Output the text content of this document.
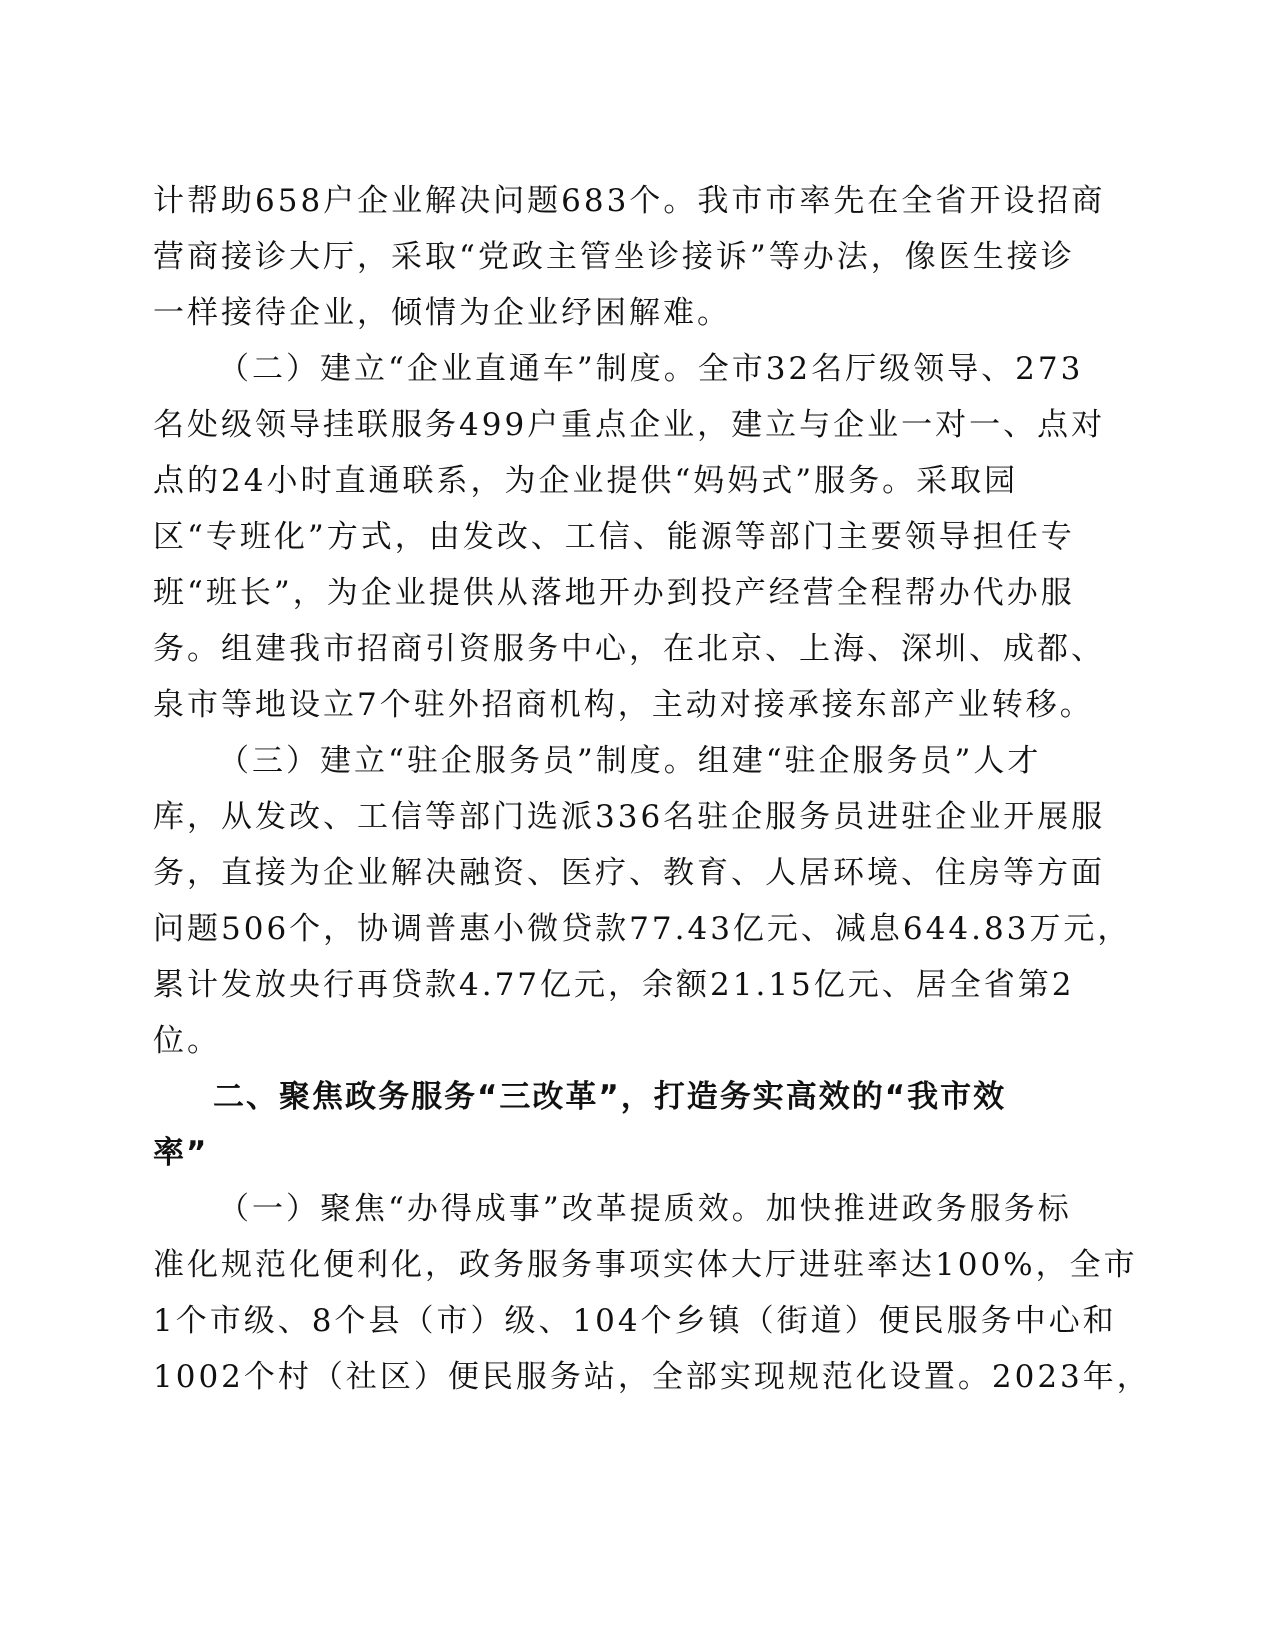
计帮助658户企业解决问题683个。我市市率先在全省开设招商
营商接诊大厅，采取“党政主管坐诊接诉”等办法，像医生接诊
一样接待企业，倾情为企业纾困解难。
（二）建立“企业直通车”制度。全市32名厅级领导、273
名处级领导挂联服务499户重点企业，建立与企业一对一、点对
点的24小时直通联系，为企业提供“妈妈式”服务。采取园
区“专班化”方式，由发改、工信、能源等部门主要领导担任专
班“班长”，为企业提供从落地开办到投产经营全程帮办代办服
务。组建我市招商引资服务中心，在北京、上海、深圳、成都、
泉市等地设立7个驻外招商机构，主动对接承接东部产业转移。
（三）建立“驻企服务员”制度。组建“驻企服务员”人才
库，从发改、工信等部门选派336名驻企服务员进驻企业开展服
务，直接为企业解决融资、医疗、教育、人居环境、住房等方面
问题506个，协调普惠小微贷款77.43亿元、减息644.83万元，
累计发放央行再贷款4.77亿元，余额21.15亿元、居全省第2
位。
二、聚焦政务服务“三改革”，打造务实高效的“我市效
率”
（一）聚焦“办得成事”改革提质效。加快推进政务服务标
准化规范化便利化，政务服务事项实体大厅进驻率达100%，全市
1个市级、8个县（市）级、104个乡镇（街道）便民服务中心和
1002个村（社区）便民服务站，全部实现规范化设置。2023年，
